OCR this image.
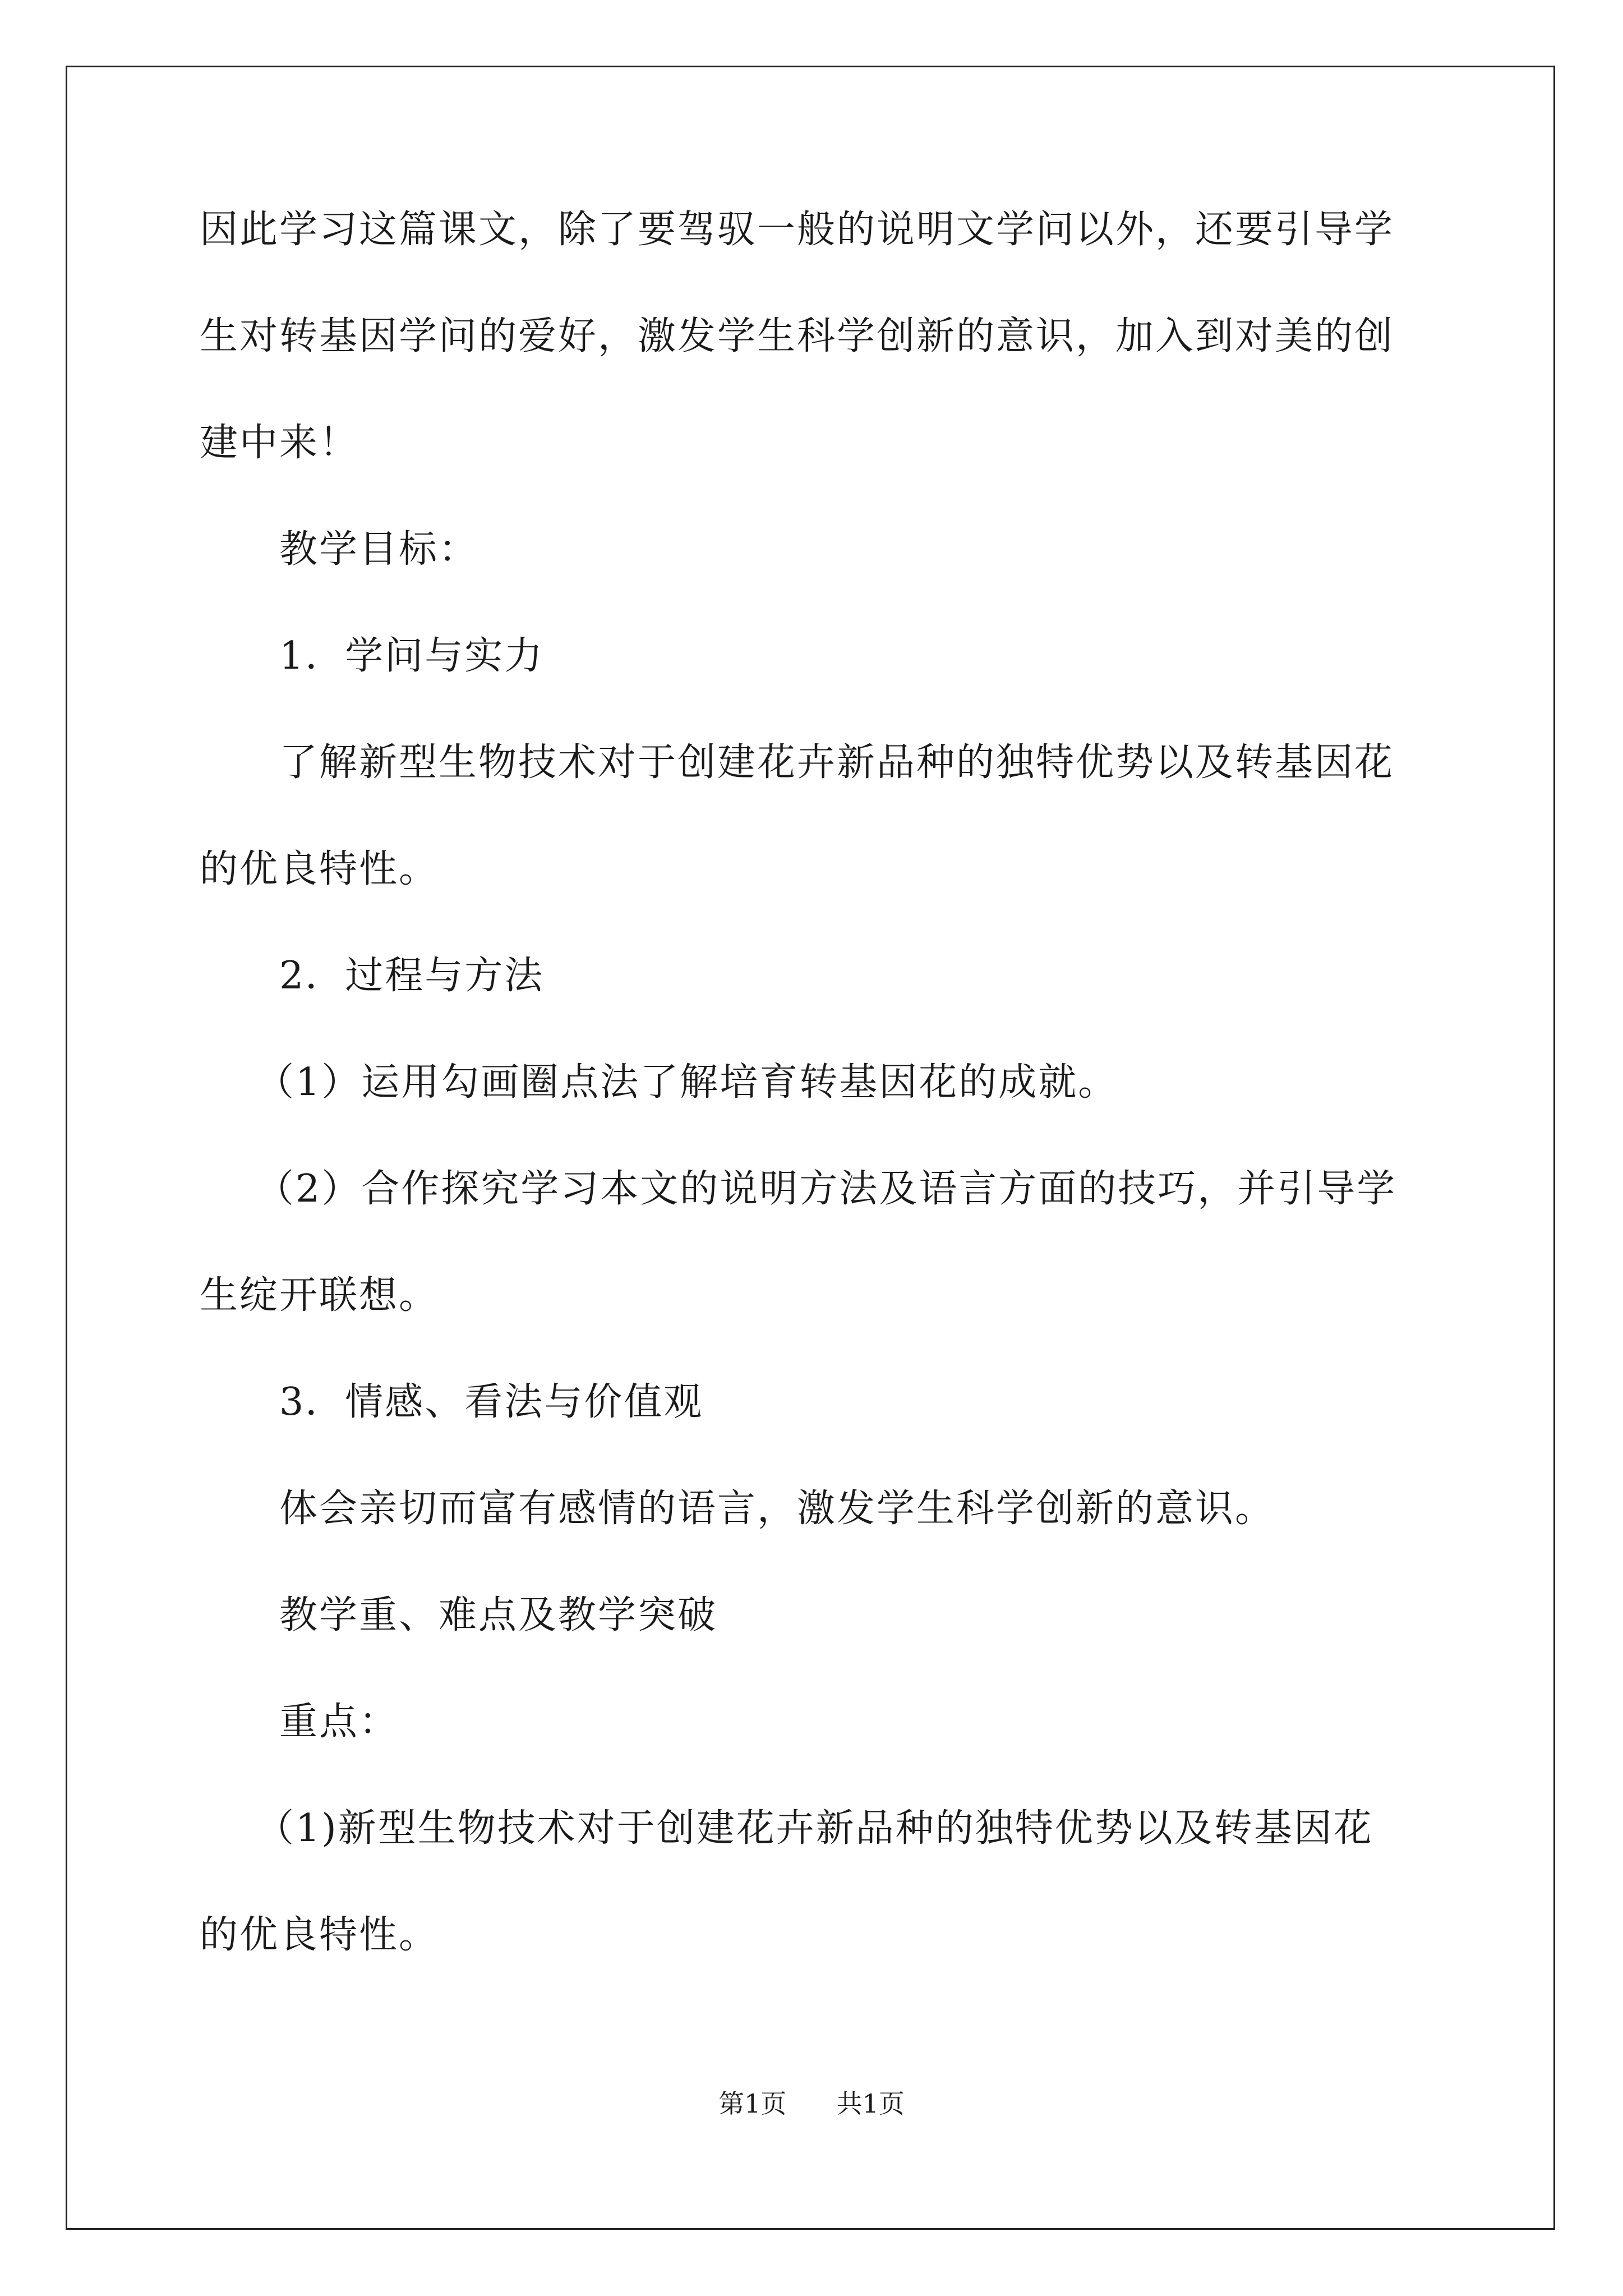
因此学习这篇课文，除了要驾驭一般的说明文学问以外，还要引导学
生对转基因学问的爱好，激发学生科学创新的意识，加入到对美的创
建中来！
教学目标：
1．学问与实力
了解新型生物技术对于创建花卉新品种的独特优势以及转基因花
的优良特性。
2．过程与方法
（1）运用勾画圈点法了解培育转基因花的成就。
（2）合作探究学习本文的说明方法及语言方面的技巧，并引导学
生绽开联想。
3．情感、看法与价值观
体会亲切而富有感情的语言，激发学生科学创新的意识。
教学重、难点及教学突破
重点：
（1)新型生物技术对于创建花卉新品种的独特优势以及转基因花
的优良特性。
第1页 共1页
